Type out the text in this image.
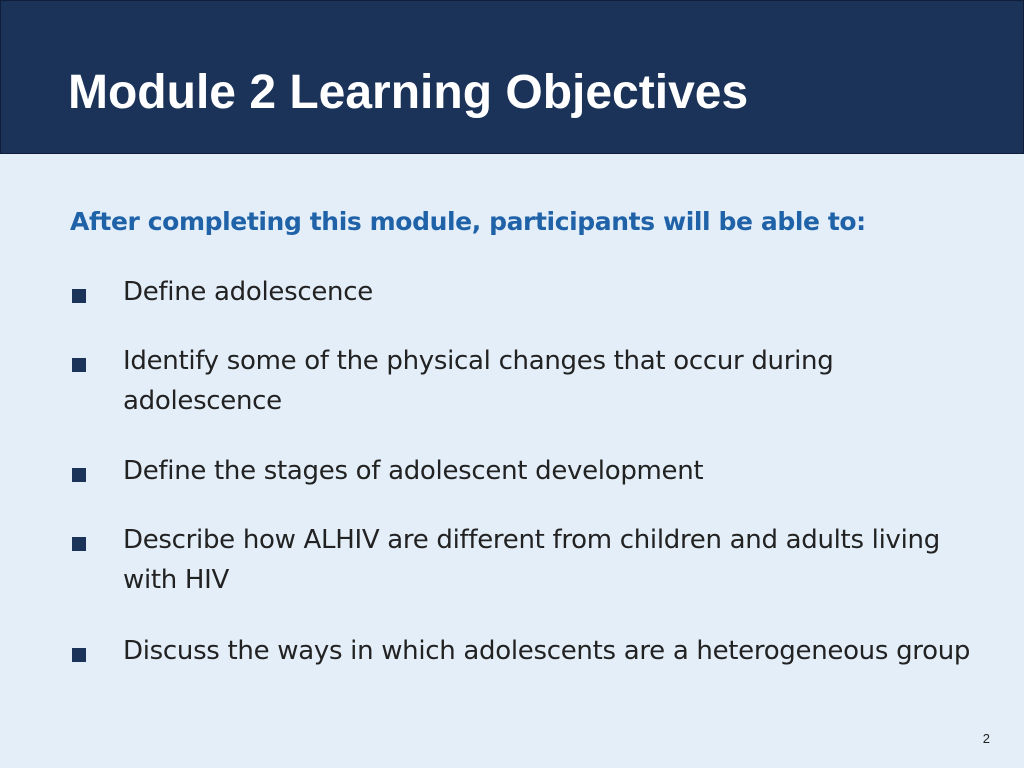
Module 2 Learning Objectives
After completing this module, participants will be able to:
Define adolescence
Identify some of the physical changes that occur during adolescence
Define the stages of adolescent development
Describe how ALHIV are different from children and adults living with HIV
Discuss the ways in which adolescents are a heterogeneous group
2
